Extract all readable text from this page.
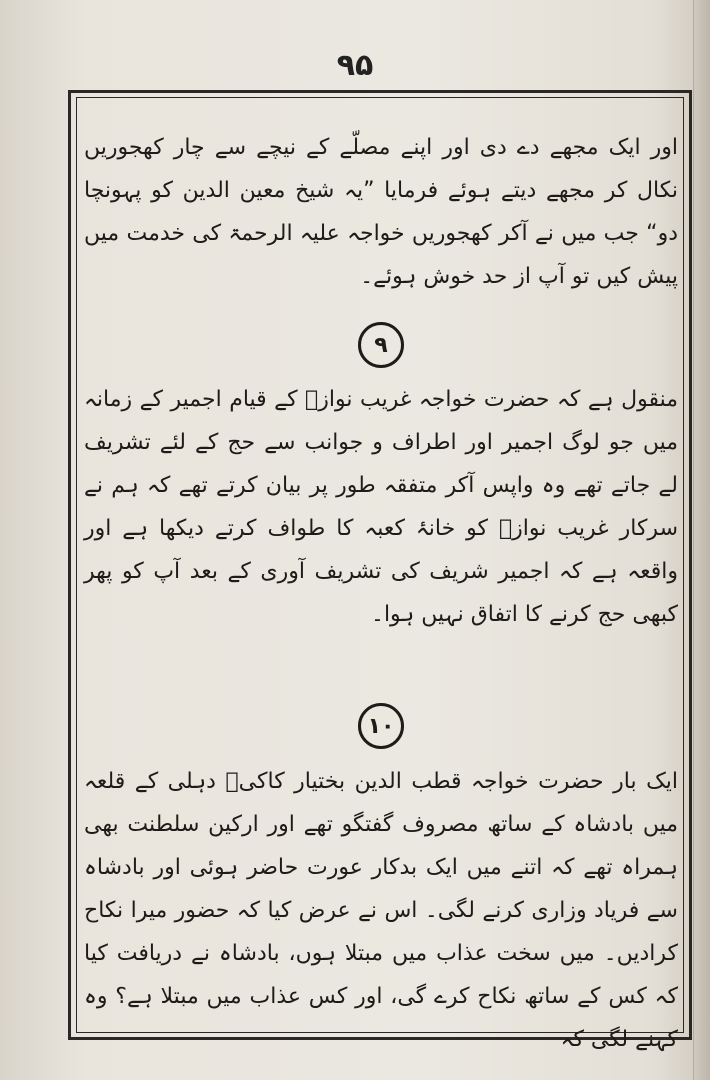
۹۵

اور ایک مجھے دے دی اور اپنے مصلّے کے نیچے سے چار کھجوریں نکال کر مجھے دیتے ہوئے فرمایا ”یہ شیخ معین الدین کو پہونچا دو“ جب میں نے آکر کھجوریں خواجہ علیہ الرحمۃ کی خدمت میں پیش کیں تو آپ از حد خوش ہوئے۔

۹

منقول ہے کہ حضرت خواجہ غریب نوازؒ کے قیام اجمیر کے زمانہ میں جو لوگ اجمیر اور اطراف و جوانب سے حج کے لئے تشریف لے جاتے تھے وہ واپس آکر متفقہ طور پر بیان کرتے تھے کہ ہم نے سرکار غریب نوازؒ کو خانۂ کعبہ کا طواف کرتے دیکھا ہے اور واقعہ ہے کہ اجمیر شریف کی تشریف آوری کے بعد آپ کو پھر کبھی حج کرنے کا اتفاق نہیں ہوا۔

۱۰

ایک بار حضرت خواجہ قطب الدین بختیار کاکیؒ دہلی کے قلعہ میں بادشاہ کے ساتھ مصروف گفتگو تھے اور ارکین سلطنت بھی ہمراہ تھے کہ اتنے میں ایک بدکار عورت حاضر ہوئی اور بادشاہ سے فریاد وزاری کرنے لگی۔ اس نے عرض کیا کہ حضور میرا نکاح کرادیں۔ میں سخت عذاب میں مبتلا ہوں، بادشاہ نے دریافت کیا کہ کس کے ساتھ نکاح کرے گی، اور کس عذاب میں مبتلا ہے؟ وہ کہنے لگی کہ
